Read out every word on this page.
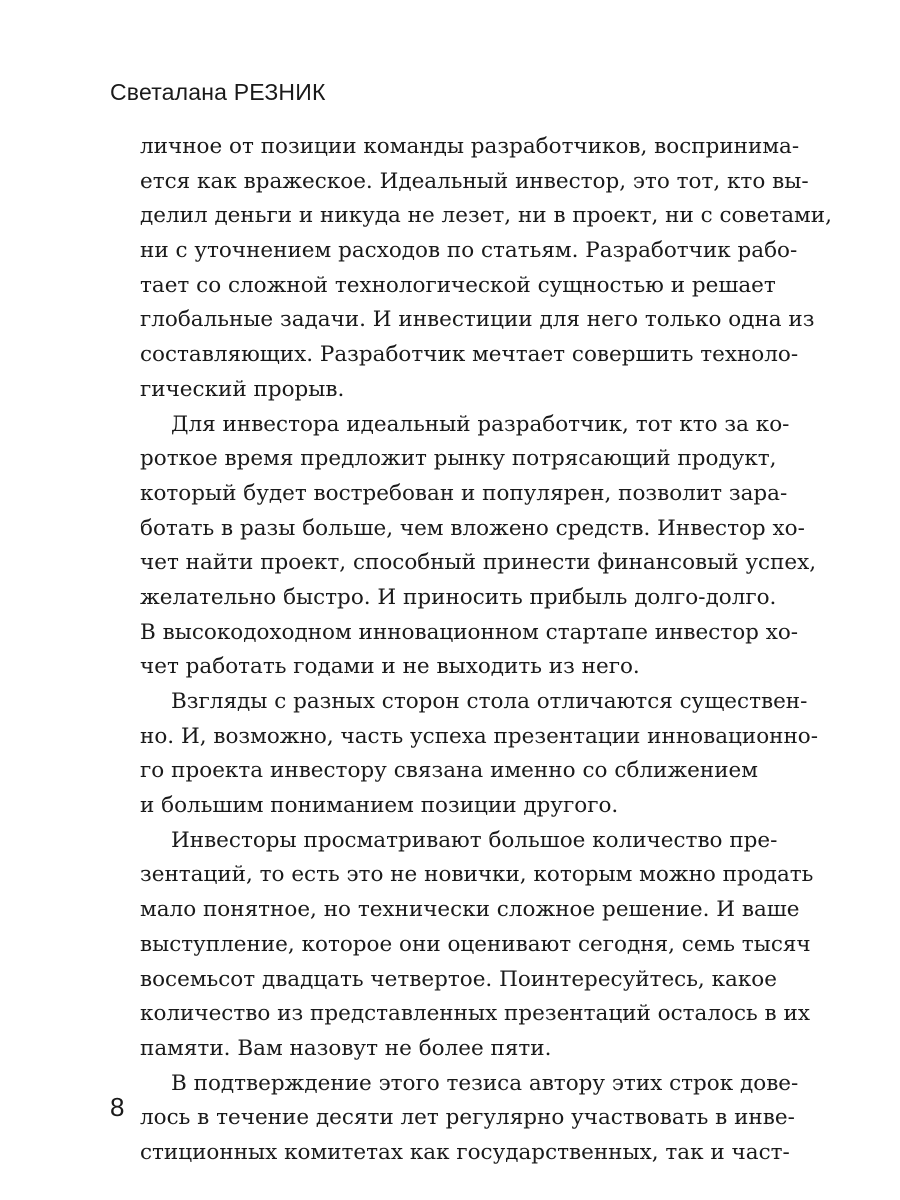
Светалана РЕЗНИК
личное от позиции команды разработчиков, воспринима-
ется как вражеское. Идеальный инвестор, это тот, кто вы-
делил деньги и никуда не лезет, ни в проект, ни с советами,
ни с уточнением расходов по статьям. Разработчик рабо-
тает со сложной технологической сущностью и решает
глобальные задачи. И инвестиции для него только одна из
составляющих. Разработчик мечтает совершить техноло-
гический прорыв.
Для инвестора идеальный разработчик, тот кто за ко-
роткое время предложит рынку потрясающий продукт,
который будет востребован и популярен, позволит зара-
ботать в разы больше, чем вложено средств. Инвестор хо-
чет найти проект, способный принести финансовый успех,
желательно быстро. И приносить прибыль долго-долго.
В высокодоходном инновационном стартапе инвестор хо-
чет работать годами и не выходить из него.
Взгляды с разных сторон стола отличаются существен-
но. И, возможно, часть успеха презентации инновационно-
го проекта инвестору связана именно со сближением
и большим пониманием позиции другого.
Инвесторы просматривают большое количество пре-
зентаций, то есть это не новички, которым можно продать
мало понятное, но технически сложное решение. И ваше
выступление, которое они оценивают сегодня, семь тысяч
восемьсот двадцать четвертое. Поинтересуйтесь, какое
количество из представленных презентаций осталось в их
памяти. Вам назовут не более пяти.
В подтверждение этого тезиса автору этих строк дове-
лось в течение десяти лет регулярно участвовать в инве-
стиционных комитетах как государственных, так и част-
8
